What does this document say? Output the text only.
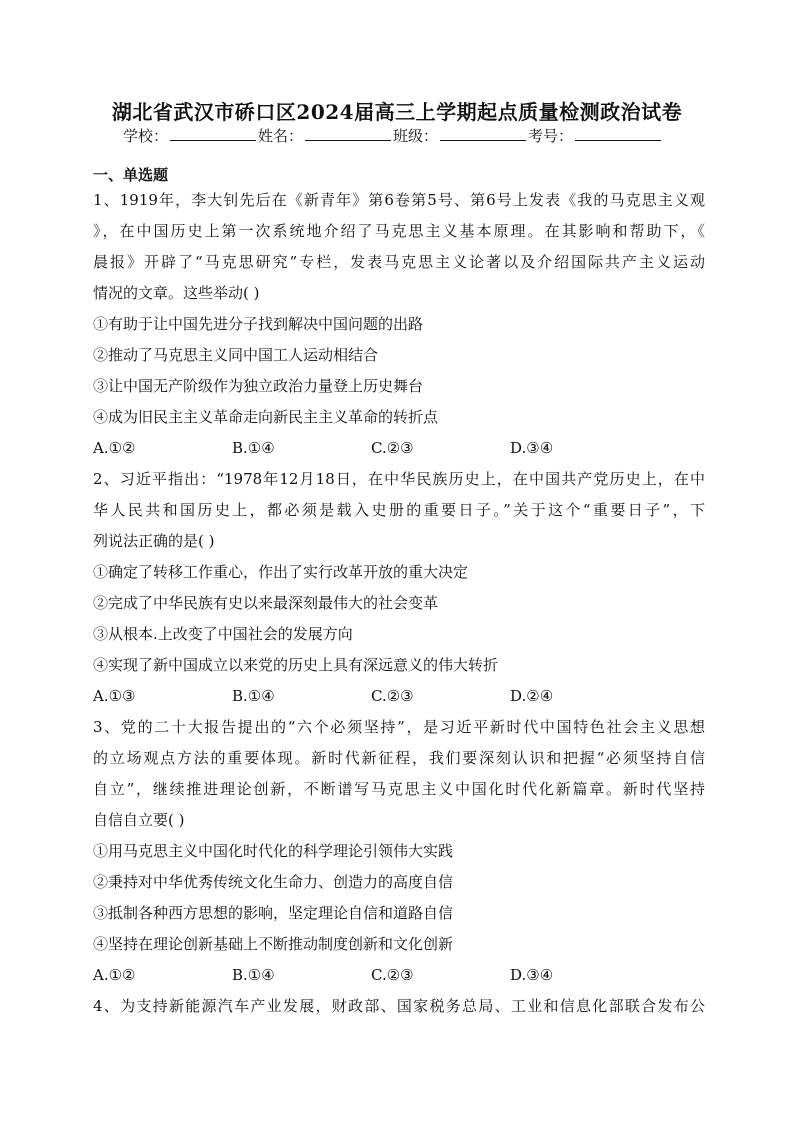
湖北省武汉市硚口区2024届高三上学期起点质量检测政治试卷
学校：	姓名：	班级：	考号：
一、单选题
1、1919年，李大钊先后在《新青年》第6卷第5号、第6号上发表《我的马克思主义观
》，在中国历史上第一次系统地介绍了马克思主义基本原理。在其影响和帮助下，《
晨报》开辟了“马克思研究”专栏，发表马克思主义论著以及介绍国际共产主义运动
情况的文章。这些举动( )
①有助于让中国先进分子找到解决中国问题的出路
②推动了马克思主义同中国工人运动相结合
③让中国无产阶级作为独立政治力量登上历史舞台
④成为旧民主主义革命走向新民主主义革命的转折点
A.①②	B.①④	C.②③	D.③④
2、习近平指出：“1978年12月18日，在中华民族历史上，在中国共产党历史上，在中
华人民共和国历史上，都必须是载入史册的重要日子。”关于这个“重要日子”，下
列说法正确的是( )
①确定了转移工作重心，作出了实行改革开放的重大决定
②完成了中华民族有史以来最深刻最伟大的社会变革
③从根本.上改变了中国社会的发展方向
④实现了新中国成立以来党的历史上具有深远意义的伟大转折
A.①③	B.①④	C.②③	D.②④
3、党的二十大报告提出的“六个必须坚持”，是习近平新时代中国特色社会主义思想
的立场观点方法的重要体现。新时代新征程，我们要深刻认识和把握“必须坚持自信
自立”，继续推进理论创新，不断谱写马克思主义中国化时代化新篇章。新时代坚持
自信自立要( )
①用马克思主义中国化时代化的科学理论引领伟大实践
②秉持对中华优秀传统文化生命力、创造力的高度自信
③抵制各种西方思想的影响，坚定理论自信和道路自信
④坚持在理论创新基础上不断推动制度创新和文化创新
A.①②	B.①④	C.②③	D.③④
4、为支持新能源汽车产业发展，财政部、国家税务总局、工业和信息化部联合发布公
